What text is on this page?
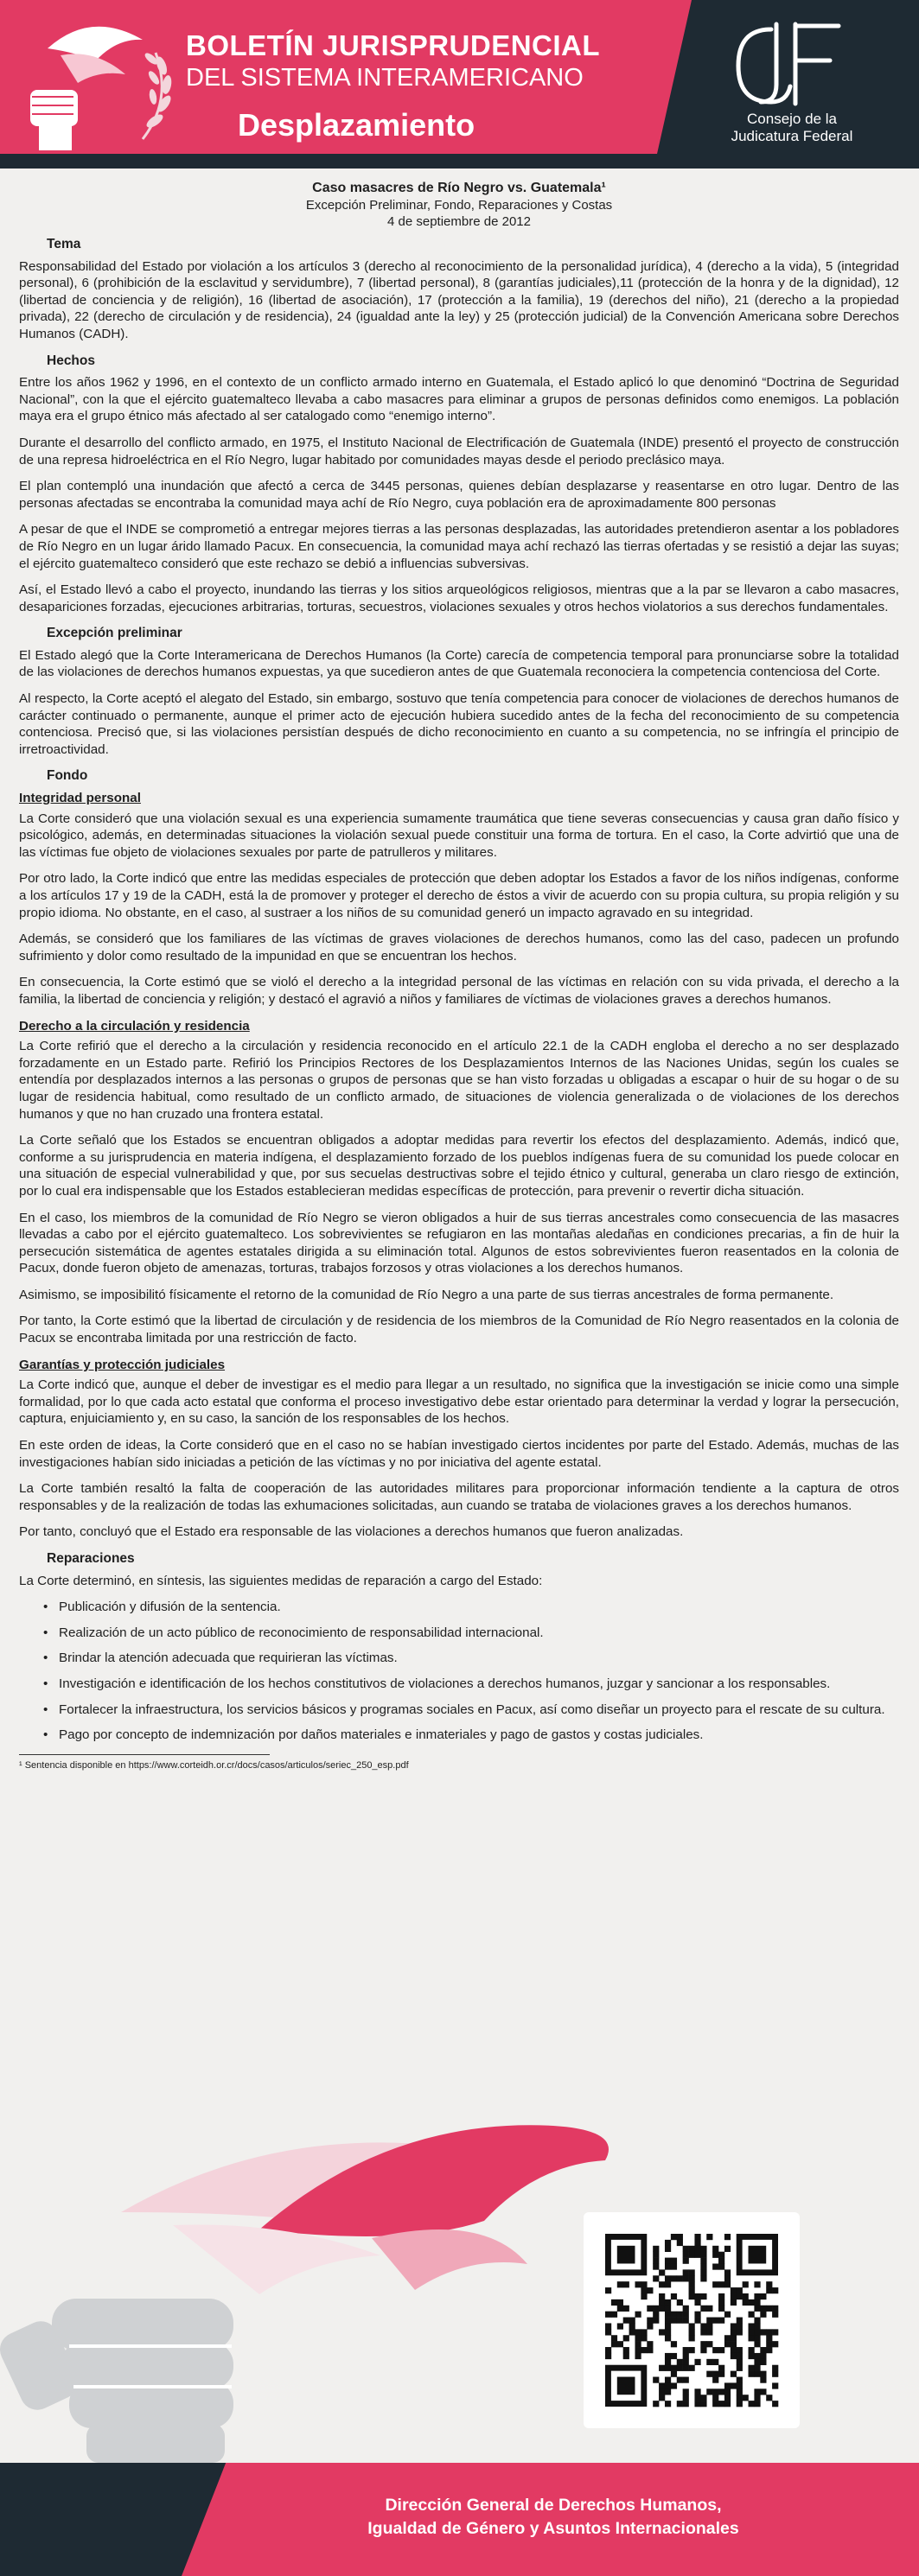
BOLETÍN JURISPRUDENCIAL
DEL SISTEMA INTERAMERICANO
Desplazamiento	Consejo de la
Judicatura Federal
Caso masacres de Río Negro vs. Guatemala¹
Excepción Preliminar, Fondo, Reparaciones y Costas
4 de septiembre de 2012
Tema
Responsabilidad del Estado por violación a los artículos 3 (derecho al reconocimiento de la personalidad jurídica), 4 (derecho a la vida), 5 (integridad personal), 6 (prohibición de la esclavitud y servidumbre), 7 (libertad personal), 8 (garantías judiciales),11 (protección de la honra y de la dignidad), 12 (libertad de conciencia y de religión), 16 (libertad de asociación), 17 (protección a la familia), 19 (derechos del niño), 21 (derecho a la propiedad privada), 22 (derecho de circulación y de residencia), 24 (igualdad ante la ley) y 25 (protección judicial) de la Convención Americana sobre Derechos Humanos (CADH).
Hechos
Entre los años 1962 y 1996, en el contexto de un conflicto armado interno en Guatemala, el Estado aplicó lo que denominó “Doctrina de Seguridad Nacional”, con la que el ejército guatemalteco llevaba a cabo masacres para eliminar a grupos de personas definidos como enemigos. La población maya era el grupo étnico más afectado al ser catalogado como “enemigo interno”.
Durante el desarrollo del conflicto armado, en 1975, el Instituto Nacional de Electrificación de Guatemala (INDE) presentó el proyecto de construcción de una represa hidroeléctrica en el Río Negro, lugar habitado por comunidades mayas desde el periodo preclásico maya.
El plan contempló una inundación que afectó a cerca de 3445 personas, quienes debían desplazarse y reasentarse en otro lugar. Dentro de las personas afectadas se encontraba la comunidad maya achí de Río Negro, cuya población era de aproximadamente 800 personas
A pesar de que el INDE se comprometió a entregar mejores tierras a las personas desplazadas, las autoridades pretendieron asentar a los pobladores de Río Negro en un lugar árido llamado Pacux. En consecuencia, la comunidad maya achí rechazó las tierras ofertadas y se resistió a dejar las suyas; el ejército guatemalteco consideró que este rechazo se debió a influencias subversivas.
Así, el Estado llevó a cabo el proyecto, inundando las tierras y los sitios arqueológicos religiosos, mientras que a la par se llevaron a cabo masacres, desapariciones forzadas, ejecuciones arbitrarias, torturas, secuestros, violaciones sexuales y otros hechos violatorios a sus derechos fundamentales.
Excepción preliminar
El Estado alegó que la Corte Interamericana de Derechos Humanos (la Corte) carecía de competencia temporal para pronunciarse sobre la totalidad de las violaciones de derechos humanos expuestas, ya que sucedieron antes de que Guatemala reconociera la competencia contenciosa del Corte.
Al respecto, la Corte aceptó el alegato del Estado, sin embargo, sostuvo que tenía competencia para conocer de violaciones de derechos humanos de carácter continuado o permanente, aunque el primer acto de ejecución hubiera sucedido antes de la fecha del reconocimiento de su competencia contenciosa. Precisó que, si las violaciones persistían después de dicho reconocimiento en cuanto a su competencia, no se infringía el principio de irretroactividad.
Fondo
Integridad personal
La Corte consideró que una violación sexual es una experiencia sumamente traumática que tiene severas consecuencias y causa gran daño físico y psicológico, además, en determinadas situaciones la violación sexual puede constituir una forma de tortura. En el caso, la Corte advirtió que una de las víctimas fue objeto de violaciones sexuales por parte de patrulleros y militares.
Por otro lado, la Corte indicó que entre las medidas especiales de protección que deben adoptar los Estados a favor de los niños indígenas, conforme a los artículos 17 y 19 de la CADH, está la de promover y proteger el derecho de éstos a vivir de acuerdo con su propia cultura, su propia religión y su propio idioma. No obstante, en el caso, al sustraer a los niños de su comunidad generó un impacto agravado en su integridad.
Además, se consideró que los familiares de las víctimas de graves violaciones de derechos humanos, como las del caso, padecen un profundo sufrimiento y dolor como resultado de la impunidad en que se encuentran los hechos.
En consecuencia, la Corte estimó que se violó el derecho a la integridad personal de las víctimas en relación con su vida privada, el derecho a la familia, la libertad de conciencia y religión; y destacó el agravió a niños y familiares de víctimas de violaciones graves a derechos humanos.
Derecho a la circulación y residencia
La Corte refirió que el derecho a la circulación y residencia reconocido en el artículo 22.1 de la CADH engloba el derecho a no ser desplazado forzadamente en un Estado parte. Refirió los Principios Rectores de los Desplazamientos Internos de las Naciones Unidas, según los cuales se entendía por desplazados internos a las personas o grupos de personas que se han visto forzadas u obligadas a escapar o huir de su hogar o de su lugar de residencia habitual, como resultado de un conflicto armado, de situaciones de violencia generalizada o de violaciones de los derechos humanos y que no han cruzado una frontera estatal.
La Corte señaló que los Estados se encuentran obligados a adoptar medidas para revertir los efectos del desplazamiento. Además, indicó que, conforme a su jurisprudencia en materia indígena, el desplazamiento forzado de los pueblos indígenas fuera de su comunidad los puede colocar en una situación de especial vulnerabilidad y que, por sus secuelas destructivas sobre el tejido étnico y cultural, generaba un claro riesgo de extinción, por lo cual era indispensable que los Estados establecieran medidas específicas de protección, para prevenir o revertir dicha situación.
En el caso, los miembros de la comunidad de Río Negro se vieron obligados a huir de sus tierras ancestrales como consecuencia de las masacres llevadas a cabo por el ejército guatemalteco. Los sobrevivientes se refugiaron en las montañas aledañas en condiciones precarias, a fin de huir la persecución sistemática de agentes estatales dirigida a su eliminación total. Algunos de estos sobrevivientes fueron reasentados en la colonia de Pacux, donde fueron objeto de amenazas, torturas, trabajos forzosos y otras violaciones a los derechos humanos.
Asimismo, se imposibilitó físicamente el retorno de la comunidad de Río Negro a una parte de sus tierras ancestrales de forma permanente.
Por tanto, la Corte estimó que la libertad de circulación y de residencia de los miembros de la Comunidad de Río Negro reasentados en la colonia de Pacux se encontraba limitada por una restricción de facto.
Garantías y protección judiciales
La Corte indicó que, aunque el deber de investigar es el medio para llegar a un resultado, no significa que la investigación se inicie como una simple formalidad, por lo que cada acto estatal que conforma el proceso investigativo debe estar orientado para determinar la verdad y lograr la persecución, captura, enjuiciamiento y, en su caso, la sanción de los responsables de los hechos.
En este orden de ideas, la Corte consideró que en el caso no se habían investigado ciertos incidentes por parte del Estado. Además, muchas de las investigaciones habían sido iniciadas a petición de las víctimas y no por iniciativa del agente estatal.
La Corte también resaltó la falta de cooperación de las autoridades militares para proporcionar información tendiente a la captura de otros responsables y de la realización de todas las exhumaciones solicitadas, aun cuando se trataba de violaciones graves a los derechos humanos.
Por tanto, concluyó que el Estado era responsable de las violaciones a derechos humanos que fueron analizadas.
Reparaciones
La Corte determinó, en síntesis, las siguientes medidas de reparación a cargo del Estado:
• Publicación y difusión de la sentencia.
• Realización de un acto público de reconocimiento de responsabilidad internacional.
• Brindar la atención adecuada que requirieran las víctimas.
• Investigación e identificación de los hechos constitutivos de violaciones a derechos humanos, juzgar y sancionar a los responsables.
• Fortalecer la infraestructura, los servicios básicos y programas sociales en Pacux, así como diseñar un proyecto para el rescate de su cultura.
• Pago por concepto de indemnización por daños materiales e inmateriales y pago de gastos y costas judiciales.
¹ Sentencia disponible en https://www.corteidh.or.cr/docs/casos/articulos/seriec_250_esp.pdf
Dirección General de Derechos Humanos,
Igualdad de Género y Asuntos Internacionales
